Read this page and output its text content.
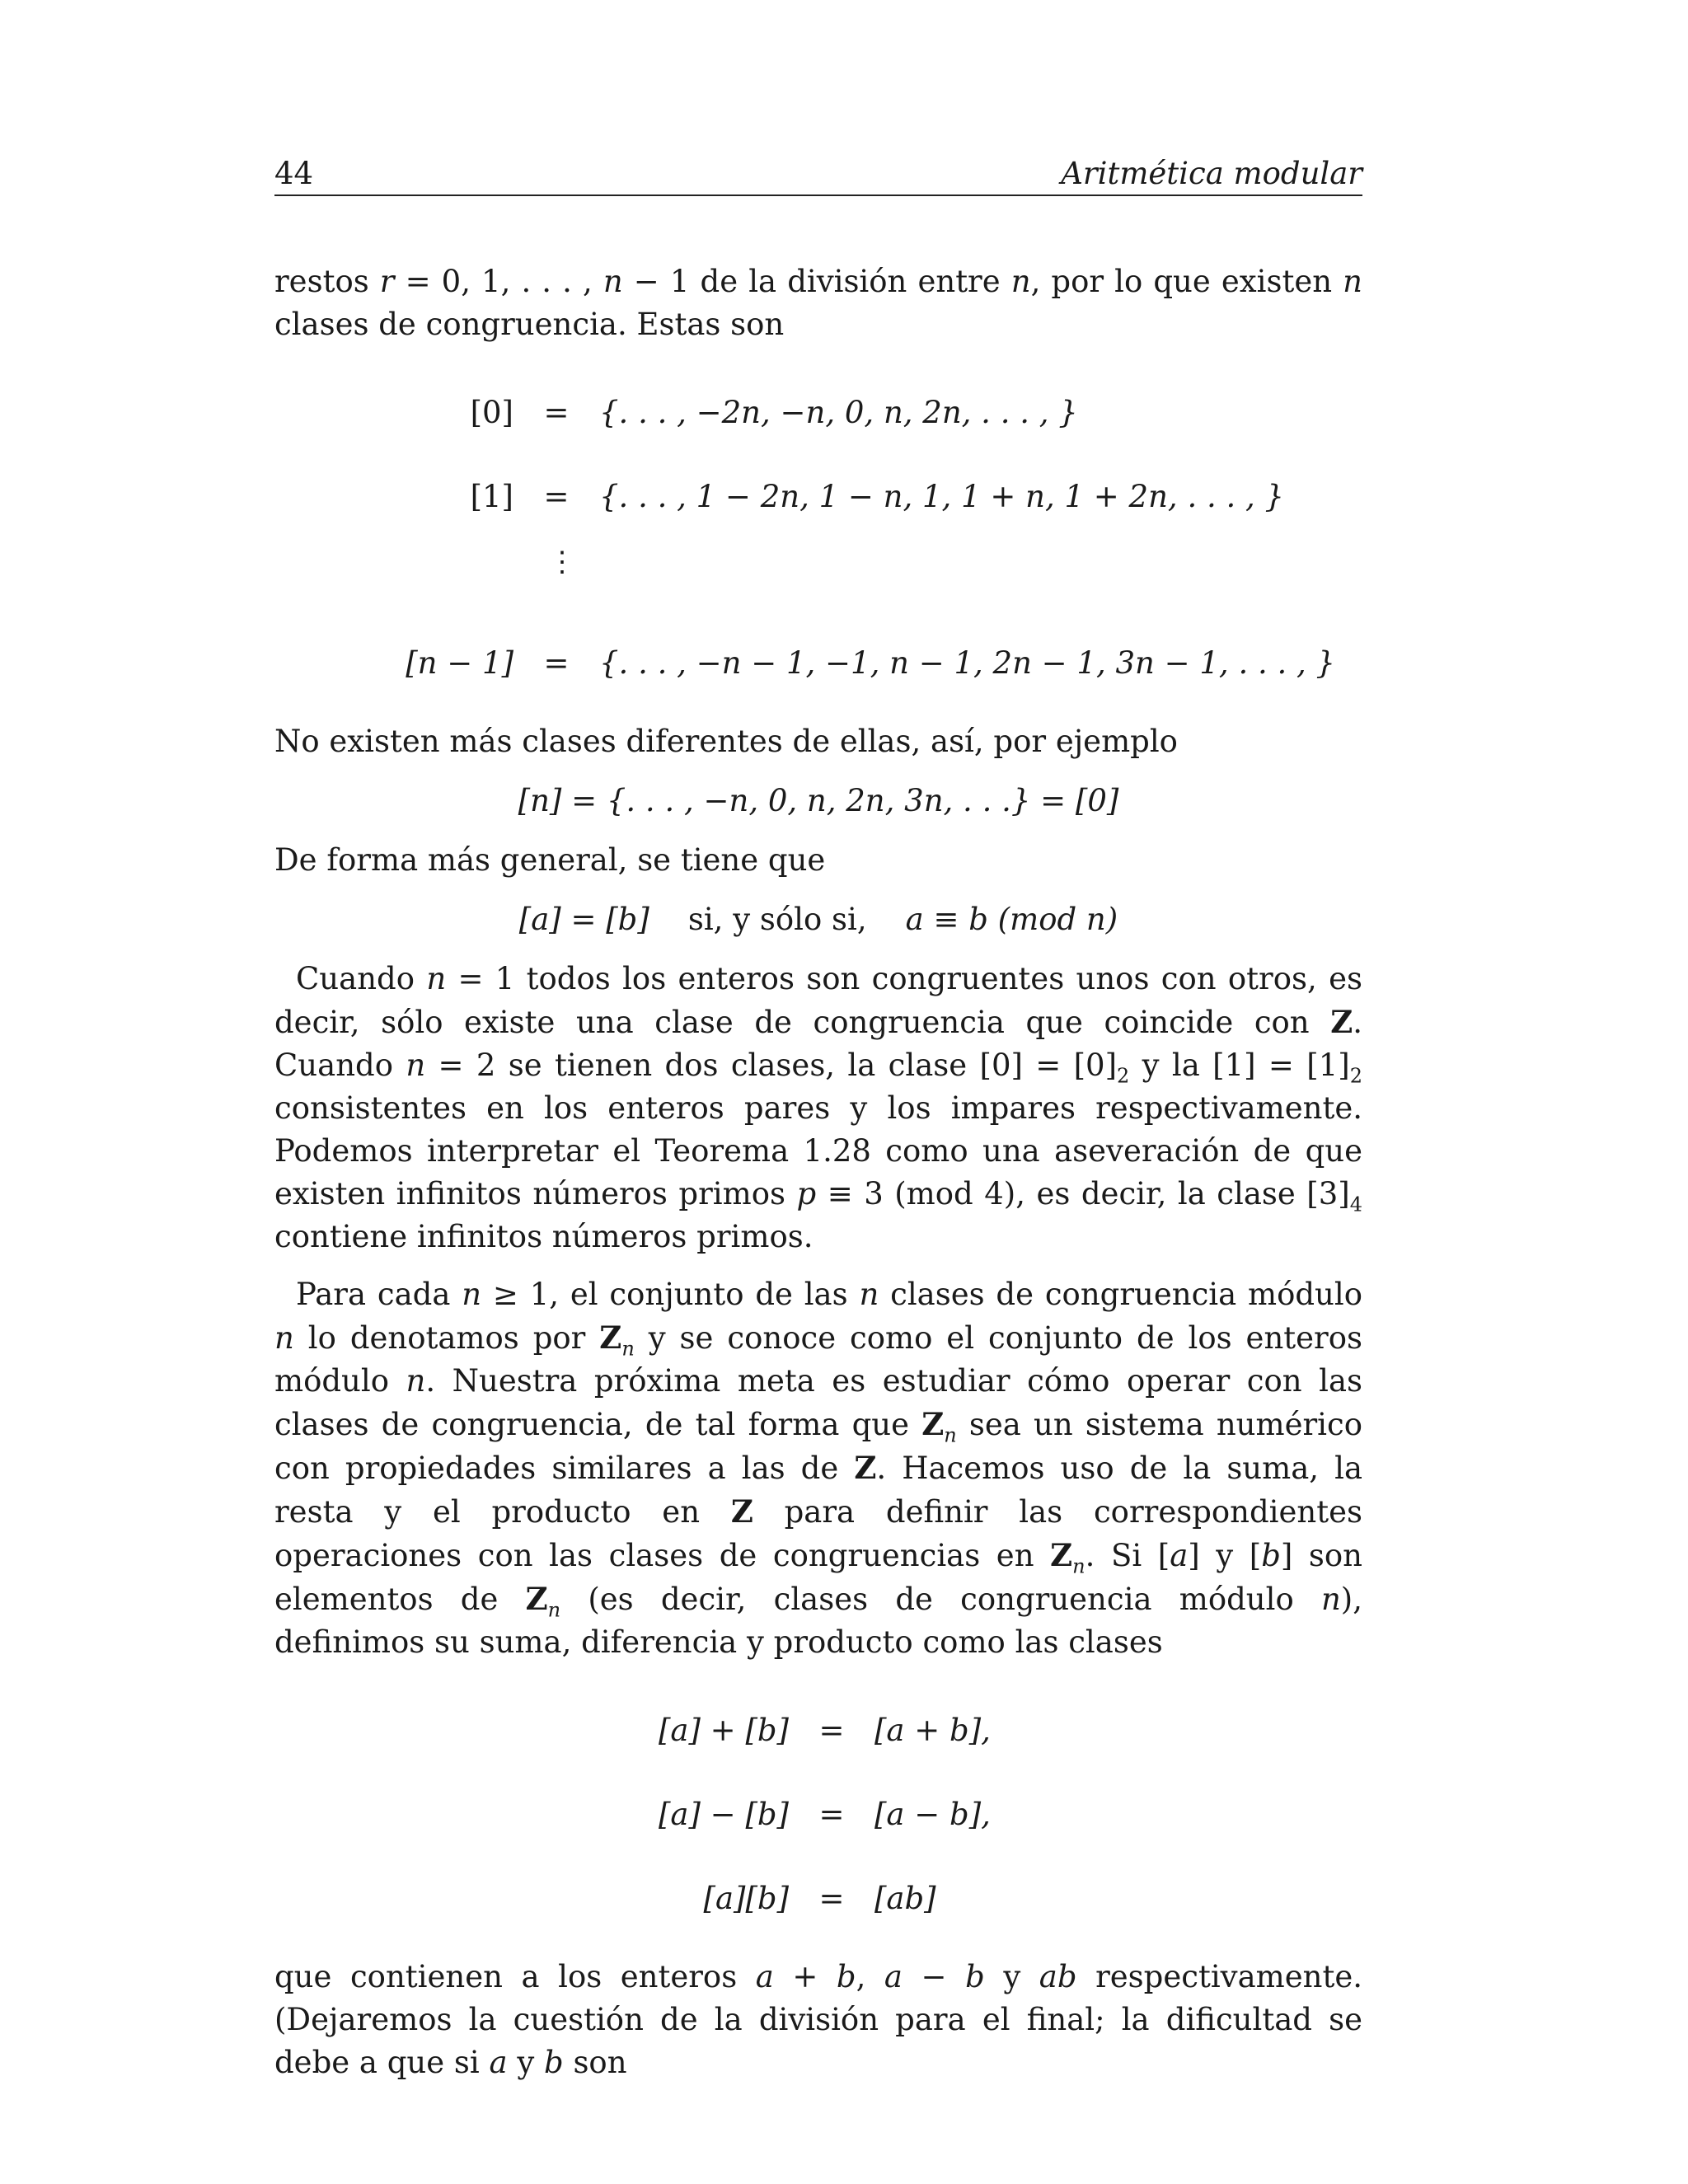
44	Aritmética modular
restos r = 0, 1, . . . , n − 1 de la división entre n, por lo que existen n clases de congruencia. Estas son
[0] = {. . . , −2n, −n, 0, n, 2n, . . . , }
[1] = {. . . , 1 − 2n, 1 − n, 1, 1 + n, 1 + 2n, . . . , }
⋮
[n − 1] = {. . . , −n − 1, −1, n − 1, 2n − 1, 3n − 1, . . . , }
No existen más clases diferentes de ellas, así, por ejemplo
[n] = {. . . , −n, 0, n, 2n, 3n, . . .} = [0]
De forma más general, se tiene que
[a] = [b] si, y sólo si, a ≡ b (mod n)
Cuando n = 1 todos los enteros son congruentes unos con otros, es decir, sólo existe una clase de congruencia que coincide con Z. Cuando n = 2 se tienen dos clases, la clase $[0] = [0]_2$ y la $[1] = [1]_2$ consistentes en los enteros pares y los impares respectivamente. Podemos interpretar el Teorema 1.28 como una aseveración de que existen infinitos números primos p ≡ 3 (mod 4), es decir, la clase $[3]_4$ contiene infinitos números primos.
Para cada n ≥ 1, el conjunto de las n clases de congruencia módulo n lo denotamos por $Z_n$ y se conoce como el conjunto de los enteros módulo n. Nuestra próxima meta es estudiar cómo operar con las clases de congruencia, de tal forma que $Z_n$ sea un sistema numérico con propiedades similares a las de Z. Hacemos uso de la suma, la resta y el producto en Z para definir las correspondientes operaciones con las clases de congruencias en $Z_n$. Si [a] y [b] son elementos de $Z_n$ (es decir, clases de congruencia módulo n), definimos su suma, diferencia y producto como las clases
[a] + [b] = [a + b],
[a] − [b] = [a − b],
[a][b] = [ab]
que contienen a los enteros a + b, a − b y ab respectivamente. (Dejaremos la cuestión de la división para el final; la dificultad se debe a que si a y b son
